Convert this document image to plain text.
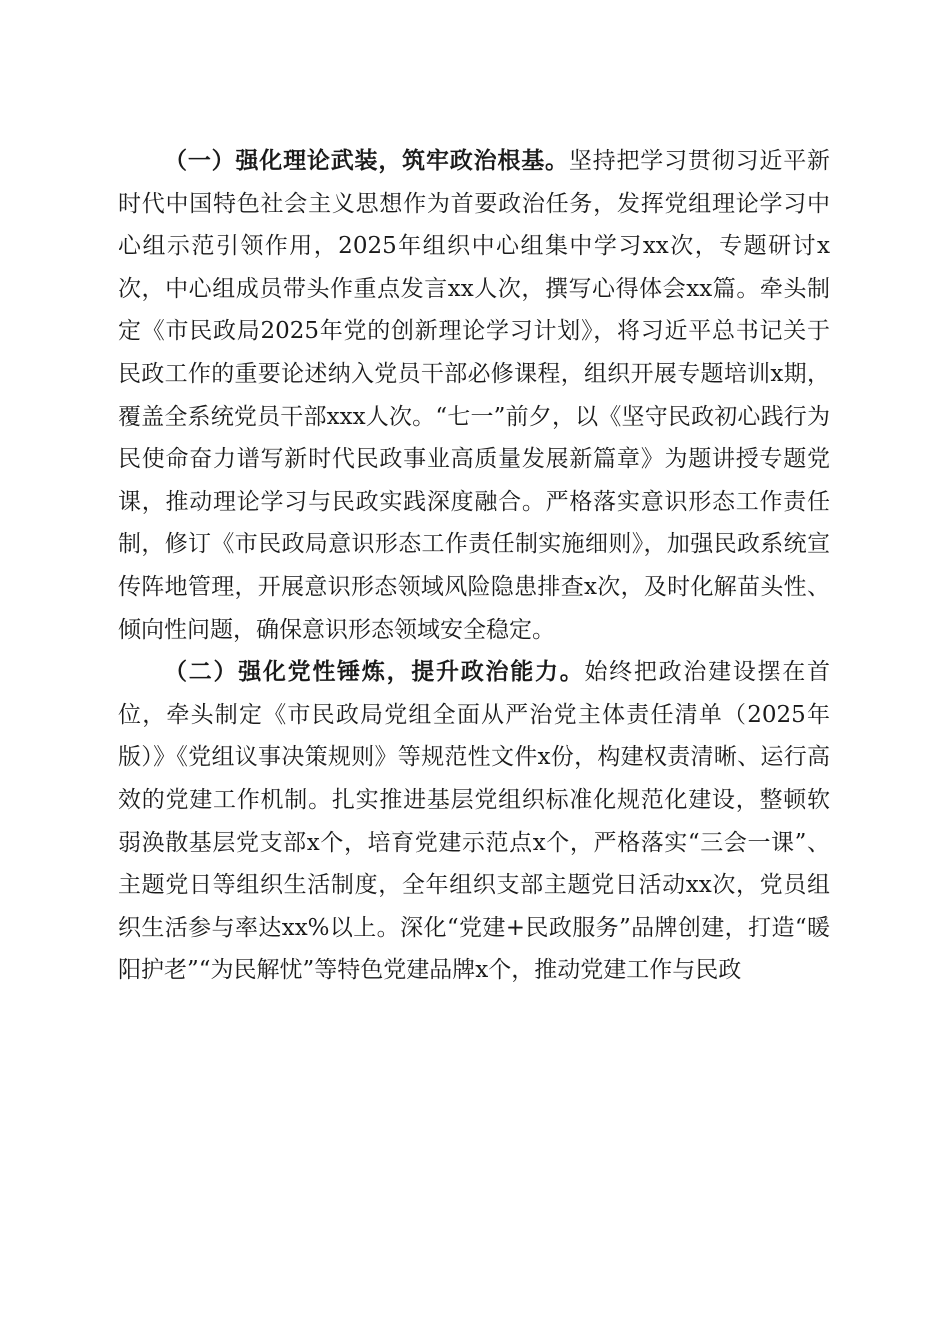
（一）强化理论武装，筑牢政治根基。坚持把学习贯彻习近平新时代中国特色社会主义思想作为首要政治任务，发挥党组理论学习中心组示范引领作用，2025年组织中心组集中学习xx次，专题研讨x次，中心组成员带头作重点发言xx人次，撰写心得体会xx篇。牵头制定《市民政局2025年党的创新理论学习计划》，将习近平总书记关于民政工作的重要论述纳入党员干部必修课程，组织开展专题培训x期，覆盖全系统党员干部xxx人次。“七一”前夕，以《坚守民政初心践行为民使命奋力谱写新时代民政事业高质量发展新篇章》为题讲授专题党课，推动理论学习与民政实践深度融合。严格落实意识形态工作责任制，修订《市民政局意识形态工作责任制实施细则》，加强民政系统宣传阵地管理，开展意识形态领域风险隐患排查x次，及时化解苗头性、倾向性问题，确保意识形态领域安全稳定。

（二）强化党性锤炼，提升政治能力。始终把政治建设摆在首位，牵头制定《市民政局党组全面从严治党主体责任清单（2025年版）》《党组议事决策规则》等规范性文件x份，构建权责清晰、运行高效的党建工作机制。扎实推进基层党组织标准化规范化建设，整顿软弱涣散基层党支部x个，培育党建示范点x个，严格落实“三会一课”、主题党日等组织生活制度，全年组织支部主题党日活动xx次，党员组织生活参与率达xx%以上。深化“党建+民政服务”品牌创建，打造“暖阳护老”“为民解忧”等特色党建品牌x个，推动党建工作与民政
